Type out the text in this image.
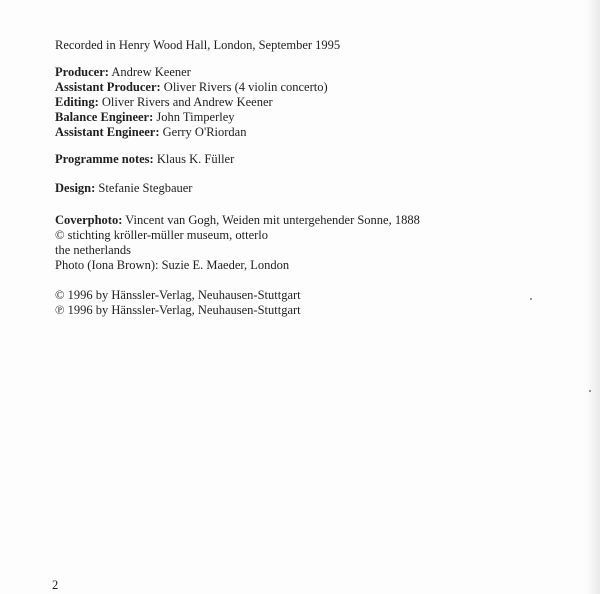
Recorded in Henry Wood Hall, London, September 1995
Producer: Andrew Keener
Assistant Producer: Oliver Rivers (4 violin concerto)
Editing: Oliver Rivers and Andrew Keener
Balance Engineer: John Timperley
Assistant Engineer: Gerry O'Riordan
Programme notes: Klaus K. Füller
Design: Stefanie Stegbauer
Coverphoto: Vincent van Gogh, Weiden mit untergehender Sonne, 1888
© stichting kröller-müller museum, otterlo
the netherlands
Photo (Iona Brown): Suzie E. Maeder, London
© 1996 by Hänssler-Verlag, Neuhausen-Stuttgart
℗ 1996 by Hänssler-Verlag, Neuhausen-Stuttgart
2
